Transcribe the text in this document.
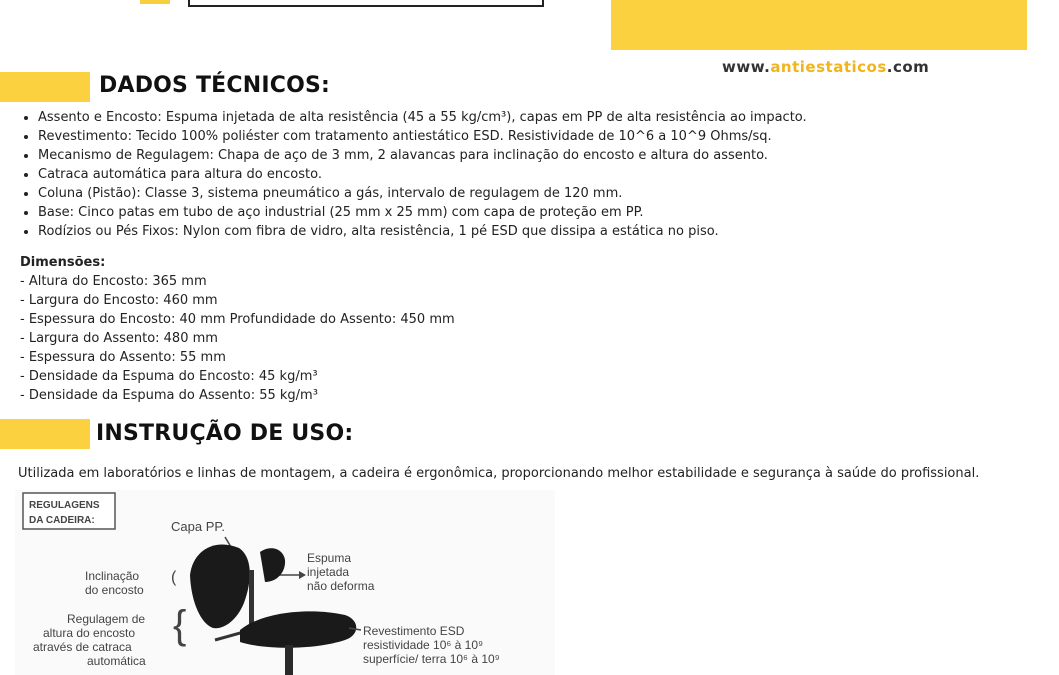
www.antiestaticos.com
DADOS TÉCNICOS:
• Assento e Encosto: Espuma injetada de alta resistência (45 a 55 kg/cm³), capas em PP de alta resistência ao impacto.
• Revestimento: Tecido 100% poliéster com tratamento antiestático ESD. Resistividade de 10^6 a 10^9 Ohms/sq.
• Mecanismo de Regulagem: Chapa de aço de 3 mm, 2 alavancas para inclinação do encosto e altura do assento.
• Catraca automática para altura do encosto.
• Coluna (Pistão): Classe 3, sistema pneumático a gás, intervalo de regulagem de 120 mm.
• Base: Cinco patas em tubo de aço industrial (25 mm x 25 mm) com capa de proteção em PP.
• Rodízios ou Pés Fixos: Nylon com fibra de vidro, alta resistência, 1 pé ESD que dissipa a estática no piso.
Dimensões:
- Altura do Encosto: 365 mm
- Largura do Encosto: 460 mm
- Espessura do Encosto: 40 mm Profundidade do Assento: 450 mm
- Largura do Assento: 480 mm
- Espessura do Assento: 55 mm
- Densidade da Espuma do Encosto: 45 kg/m³
- Densidade da Espuma do Assento: 55 kg/m³
INSTRUÇÃO DE USO:
Utilizada em laboratórios e linhas de montagem, a cadeira é ergonômica, proporcionando melhor estabilidade e segurança à saúde do profissional.
REGULAGENS
DA CADEIRA:	Capa PP.
Inclinação
do encosto
(
Espuma
injetada
não deforma
Regulagem de
altura do encosto
através de catraca
automática
{	Revestimento ESD
resistividade 10⁶ à 10⁹
superfície/ terra 10⁶ à 10⁹
